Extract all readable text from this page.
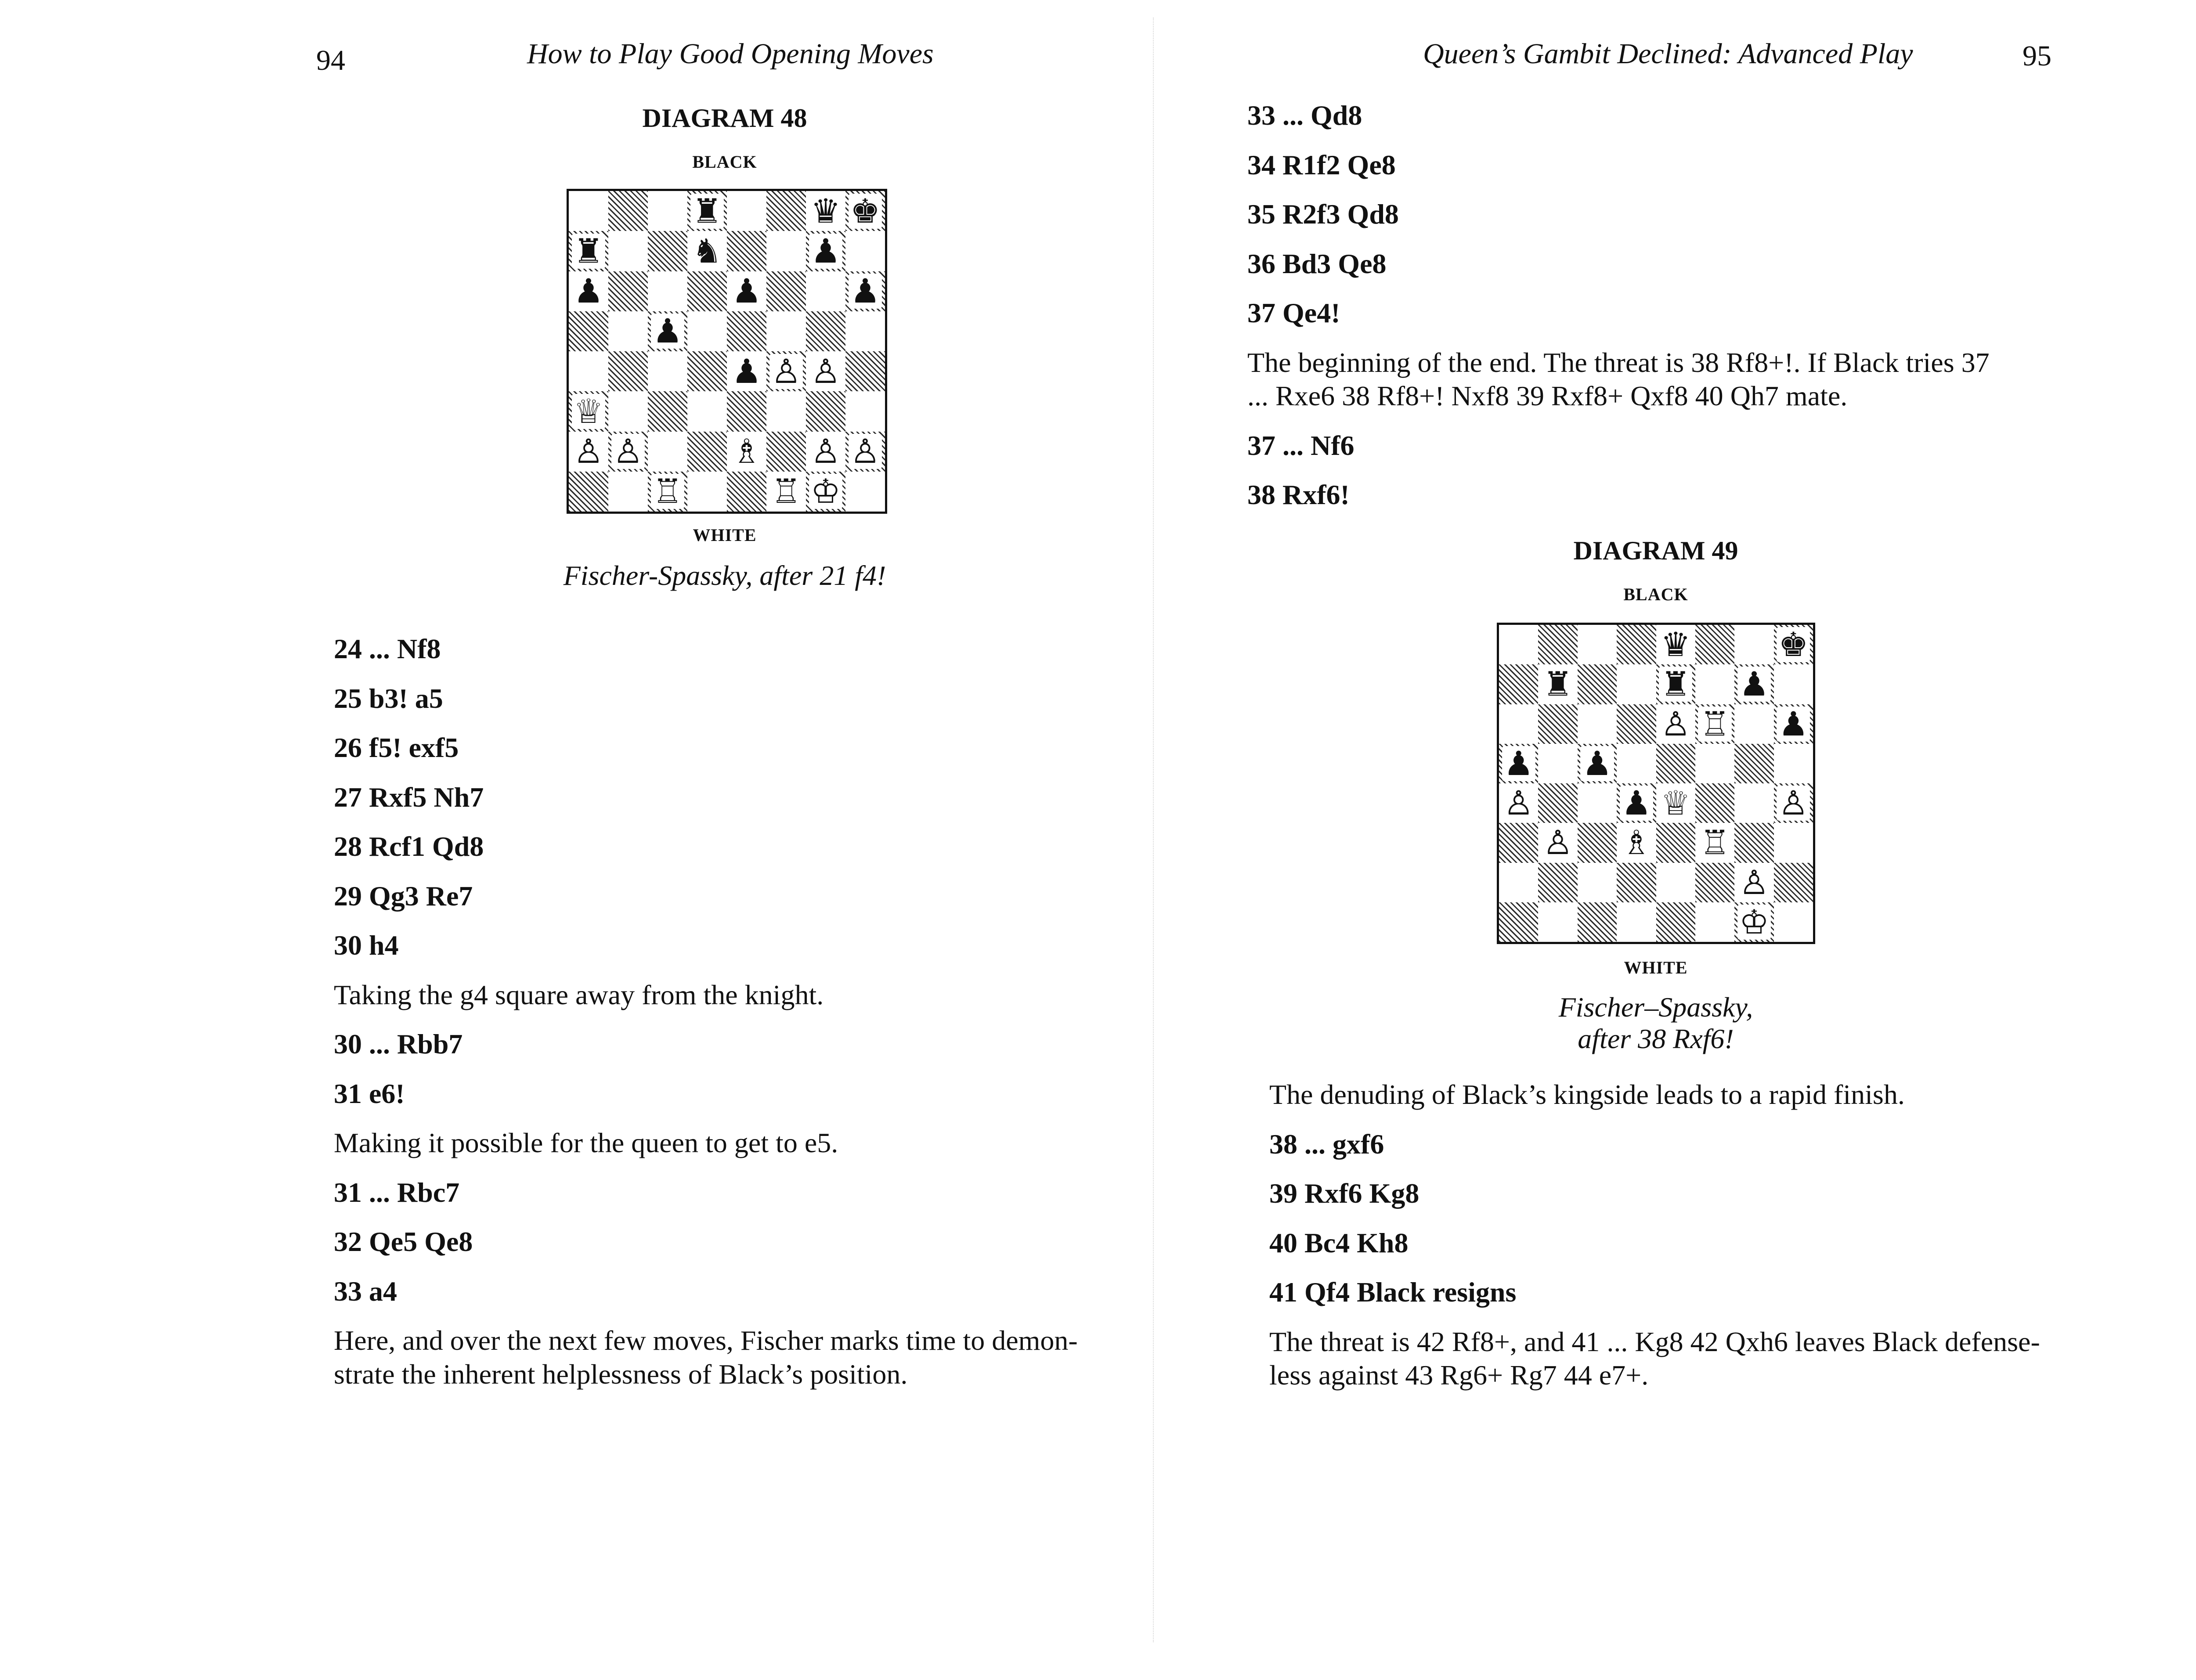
94	How to Play Good Opening Moves
DIAGRAM 48
BLACK
♜	♛ ♚
♜	♞	♟
♟	♟	♟
♟
♟ ♙ ♙
♕
♙ ♙	♗ ♙ ♙
♖	♖ ♔
WHITE
Fischer-Spassky, after 21 f4!
24 ... Nf8
25 b3! a5
26 f5! exf5
27 Rxf5 Nh7
28 Rcf1 Qd8
29 Qg3 Re7
30 h4
Taking the g4 square away from the knight.
30 ... Rbb7
31 e6!
Making it possible for the queen to get to e5.
31 ... Rbc7
32 Qe5 Qe8
33 a4
Here, and over the next few moves, Fischer marks time to demon-
strate the inherent helplessness of Black’s position.
Queen’s Gambit Declined: Advanced Play	95
33 ... Qd8
34 R1f2 Qe8
35 R2f3 Qd8
36 Bd3 Qe8
37 Qe4!
The beginning of the end. The threat is 38 Rf8+!. If Black tries 37
... Rxe6 38 Rf8+! Nxf8 39 Rxf8+ Qxf8 40 Qh7 mate.
37 ... Nf6
38 Rxf6!
DIAGRAM 49
BLACK
♛	♚
♜	♜ ♟
♙ ♖ ♟
♟ ♟
♙	♟ ♕	♙
♙ ♗ ♖
♙
♔
WHITE
Fischer–Spassky,
after 38 Rxf6!
The denuding of Black’s kingside leads to a rapid finish.
38 ... gxf6
39 Rxf6 Kg8
40 Bc4 Kh8
41 Qf4 Black resigns
The threat is 42 Rf8+, and 41 ... Kg8 42 Qxh6 leaves Black defense-
less against 43 Rg6+ Rg7 44 e7+.
